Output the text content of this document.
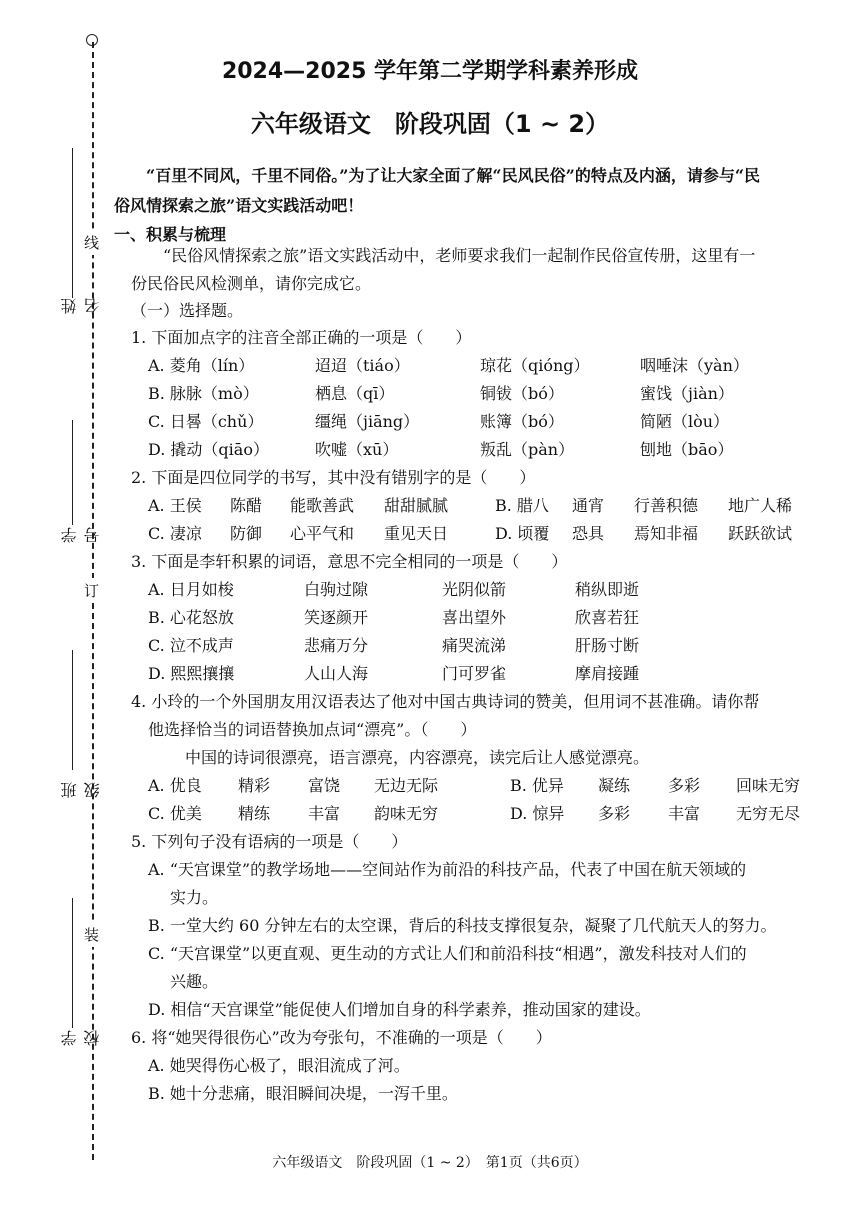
线
订
装
姓名
学号
班级
学校
2024—2025 学年第二学期学科素养形成
六年级语文　阶段巩固（1 ~ 2）
“百里不同风，千里不同俗。”为了让大家全面了解“民风民俗”的特点及内涵，请参与“民
俗风情探索之旅”语文实践活动吧！
一、积累与梳理
“民俗风情探索之旅”语文实践活动中，老师要求我们一起制作民俗宣传册，这里有一
份民俗民风检测单，请你完成它。
（一）选择题。
1. 下面加点字的注音全部正确的一项是（　　）
A. 菱角（lín）	迢迢（tiáo）	琼花（qióng）	咽唾沫（yàn）
B. 脉脉（mò）	栖息（qī）	铜钹（bó）	蜜饯（jiàn）
C. 日晷（chǔ）	缰绳（jiāng）	账簿（bó）	简陋（lòu）
D. 撬动（qiāo）	吹嘘（xū）	叛乱（pàn）	刨地（bāo）
2. 下面是四位同学的书写，其中没有错别字的是（　　）
A. 王侯 陈醋 能歌善武 甜甜腻腻	B. 腊八 通宵 行善积德 地广人稀
C. 凄凉 防御 心平气和 重见天日	D. 顷覆 恐具 焉知非福 跃跃欲试
3. 下面是李轩积累的词语，意思不完全相同的一项是（　　）
A. 日月如梭	白驹过隙	光阴似箭	稍纵即逝
B. 心花怒放	笑逐颜开	喜出望外	欣喜若狂
C. 泣不成声	悲痛万分	痛哭流涕	肝肠寸断
D. 熙熙攘攘	人山人海	门可罗雀	摩肩接踵
4. 小玲的一个外国朋友用汉语表达了他对中国古典诗词的赞美，但用词不甚准确。请你帮
他选择恰当的词语替换加点词“漂亮”。（　　）
中国的诗词很漂亮，语言漂亮，内容漂亮，读完后让人感觉漂亮。
A. 优良 精彩 富饶 无边无际	B. 优异 凝练 多彩 回味无穷
C. 优美 精练 丰富 韵味无穷	D. 惊异 多彩 丰富 无穷无尽
5. 下列句子没有语病的一项是（　　）
A. “天宫课堂”的教学场地——空间站作为前沿的科技产品，代表了中国在航天领域的
实力。
B. 一堂大约 60 分钟左右的太空课，背后的科技支撑很复杂，凝聚了几代航天人的努力。
C. “天宫课堂”以更直观、更生动的方式让人们和前沿科技“相遇”，激发科技对人们的
兴趣。
D. 相信“天宫课堂”能促使人们增加自身的科学素养，推动国家的建设。
6. 将“她哭得很伤心”改为夸张句，不准确的一项是（　　）
A. 她哭得伤心极了，眼泪流成了河。
B. 她十分悲痛，眼泪瞬间决堤，一泻千里。
六年级语文　阶段巩固（1 ~ 2）　第1页（共6页）
